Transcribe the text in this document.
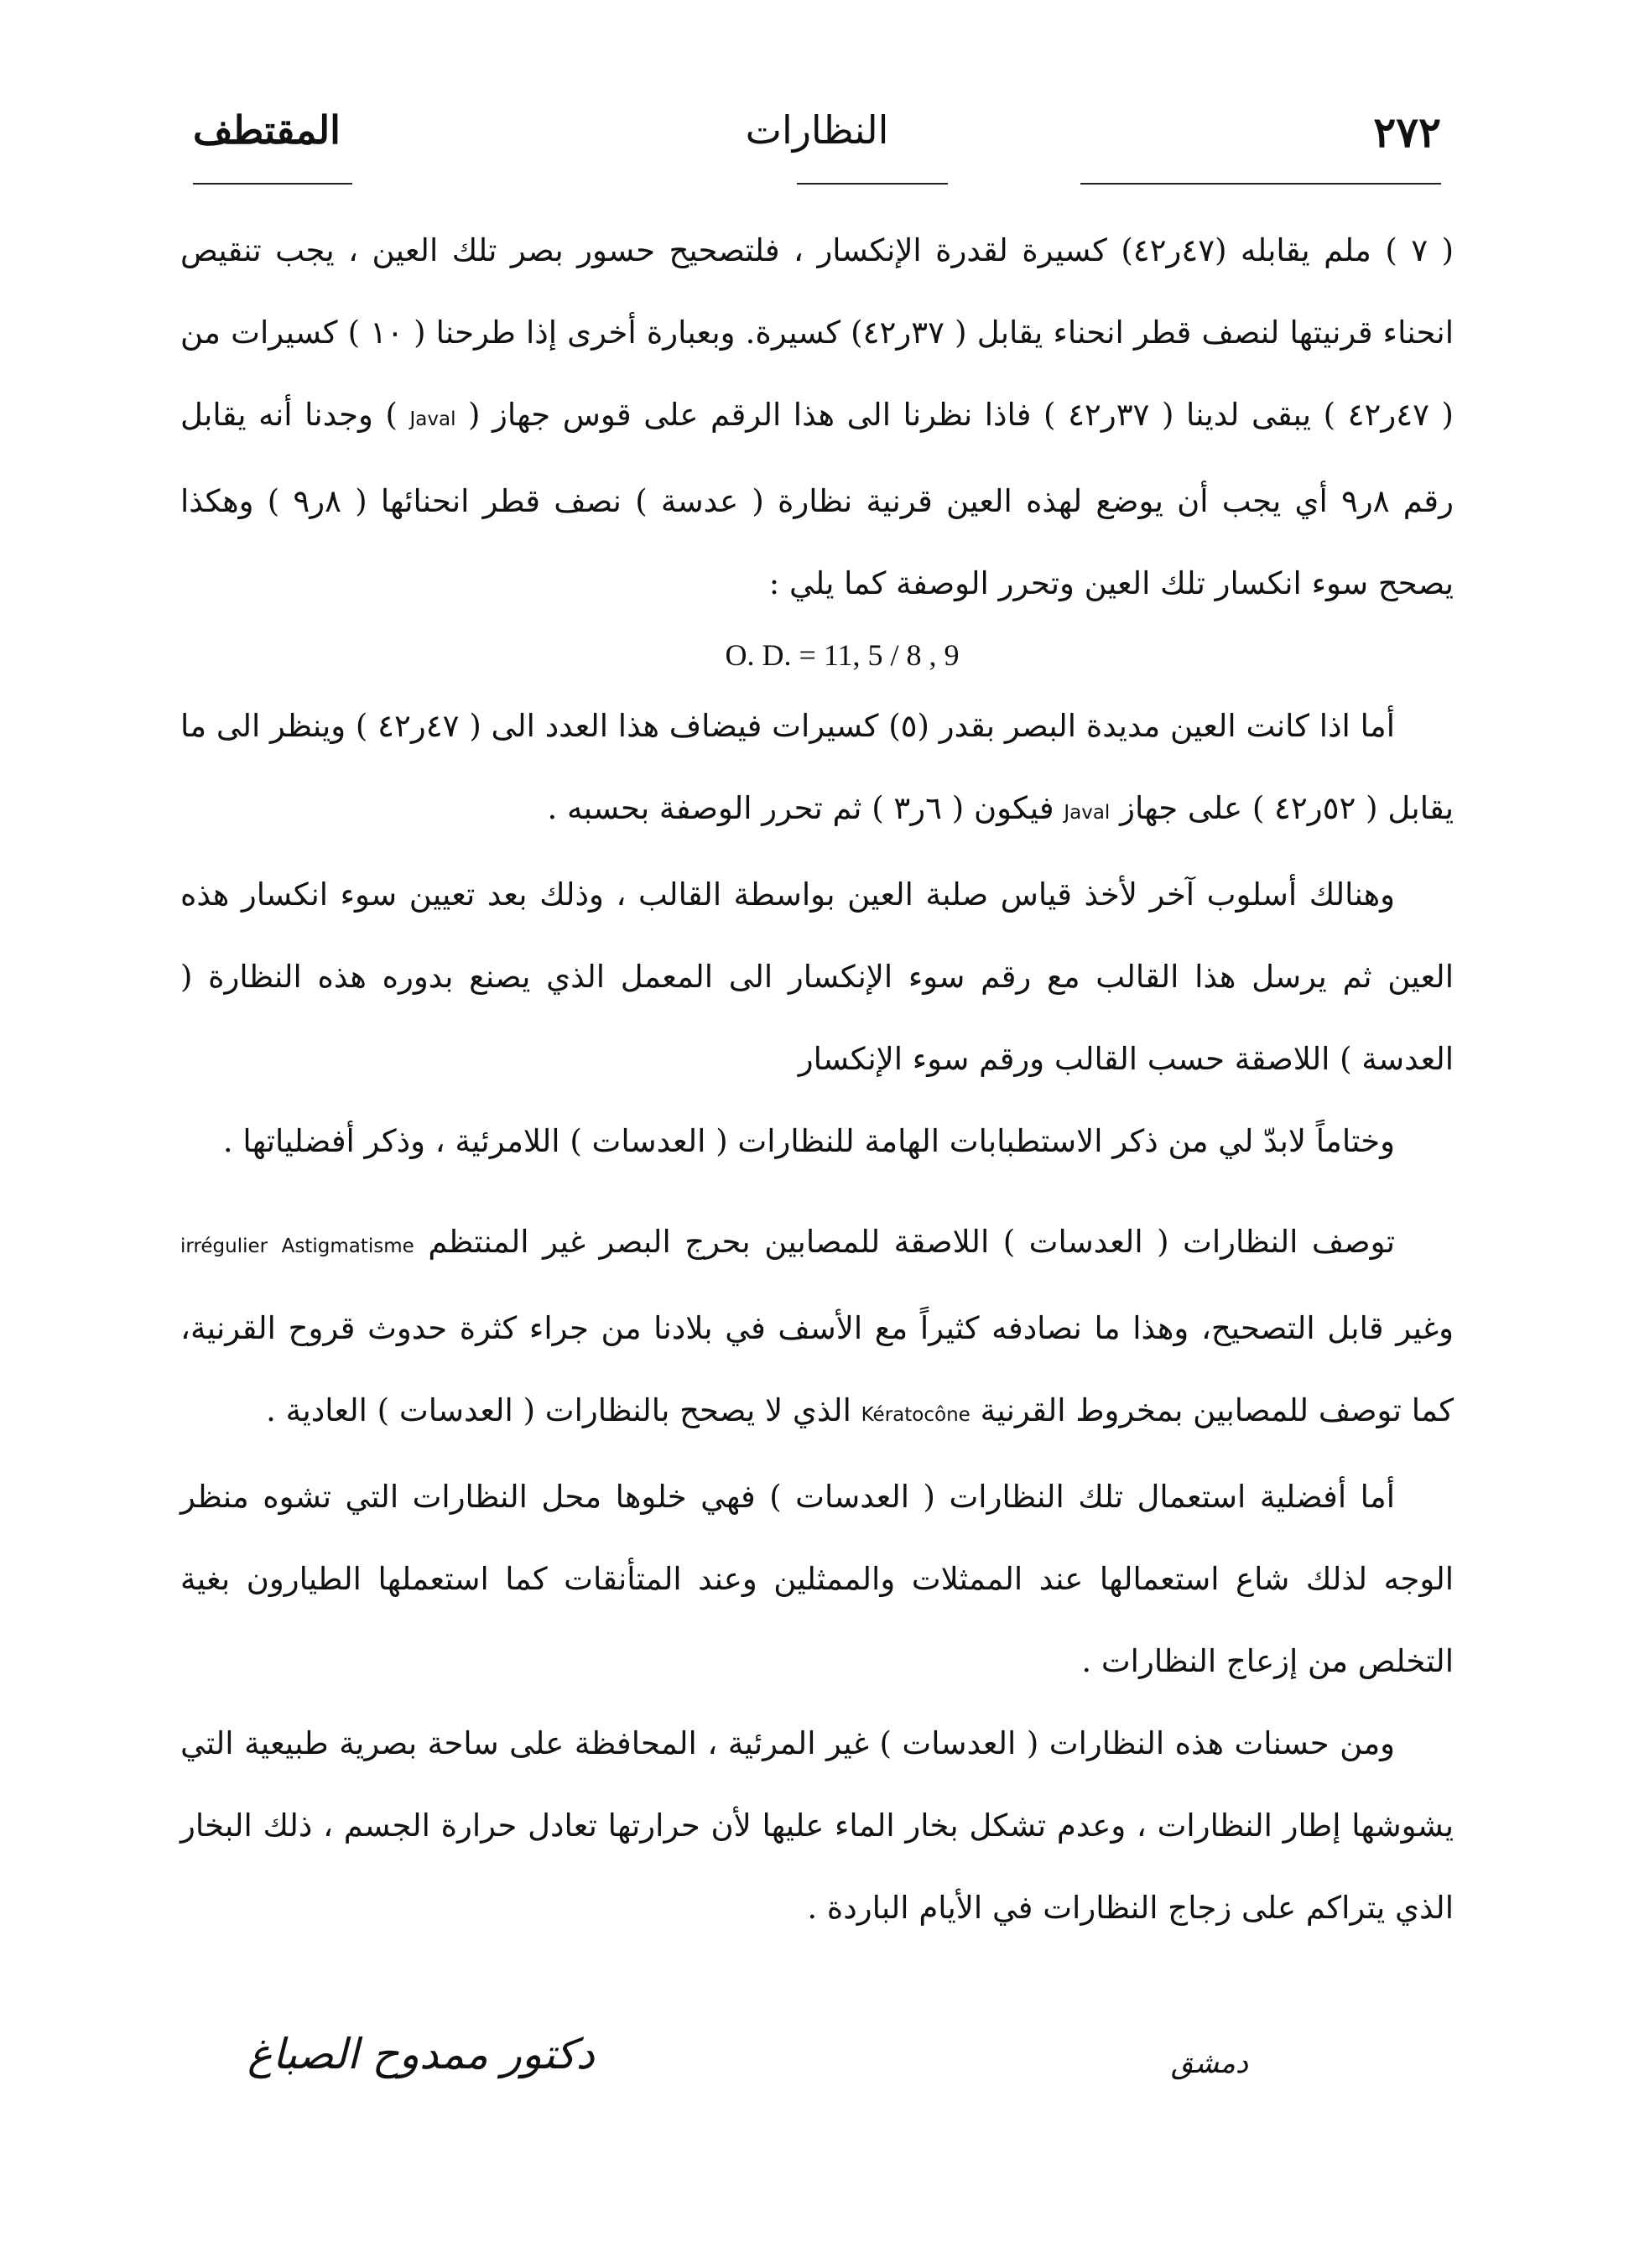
٢٧٢
النظارات
المقتطف

( ٧ ) ملم يقابله (٤٧ر٤٢) كسيرة لقدرة الإنكسار ، فلتصحيح حسور بصر تلك العين ، يجب تنقيص انحناء قرنيتها لنصف قطر انحناء يقابل ( ٣٧ر٤٢) كسيرة. وبعبارة أخرى إذا طرحنا ( ١٠ ) كسيرات من ( ٤٧ر٤٢ ) يبقى لدينا ( ٣٧ر٤٢ ) فاذا نظرنا الى هذا الرقم على قوس جهاز ( Javal ) وجدنا أنه يقابل رقم ٨ر٩ أي يجب أن يوضع لهذه العين قرنية نظارة ( عدسة ) نصف قطر انحنائها ( ٨ر٩ ) وهكذا يصحح سوء انكسار تلك العين وتحرر الوصفة كما يلي :

O. D. = 11, 5 / 8 , 9

أما اذا كانت العين مديدة البصر بقدر (٥) كسيرات فيضاف هذا العدد الى ( ٤٧ر٤٢ ) وينظر الى ما يقابل ( ٥٢ر٤٢ ) على جهاز Javal فيكون ( ٦ر٣ ) ثم تحرر الوصفة بحسبه .

وهنالك أسلوب آخر لأخذ قياس صلبة العين بواسطة القالب ، وذلك بعد تعيين سوء انكسار هذه العين ثم يرسل هذا القالب مع رقم سوء الإنكسار الى المعمل الذي يصنع بدوره هذه النظارة ( العدسة ) اللاصقة حسب القالب ورقم سوء الإنكسار

وختاماً لابدّ لي من ذكر الاستطبابات الهامة للنظارات ( العدسات ) اللامرئية ، وذكر أفضلياتها .

توصف النظارات ( العدسات ) اللاصقة للمصابين بحرج البصر غير المنتظم Astigmatisme irrégulier وغير قابل التصحيح، وهذا ما نصادفه كثيراً مع الأسف في بلادنا من جراء كثرة حدوث قروح القرنية، كما توصف للمصابين بمخروط القرنية Kératocône الذي لا يصحح بالنظارات ( العدسات ) العادية .

أما أفضلية استعمال تلك النظارات ( العدسات ) فهي خلوها محل النظارات التي تشوه منظر الوجه لذلك شاع استعمالها عند الممثلات والممثلين وعند المتأنقات كما استعملها الطيارون بغية التخلص من إزعاج النظارات .

ومن حسنات هذه النظارات ( العدسات ) غير المرئية ، المحافظة على ساحة بصرية طبيعية التي يشوشها إطار النظارات ، وعدم تشكل بخار الماء عليها لأن حرارتها تعادل حرارة الجسم ، ذلك البخار الذي يتراكم على زجاج النظارات في الأيام الباردة .

دمشق
دكتور ممدوح الصباغ
